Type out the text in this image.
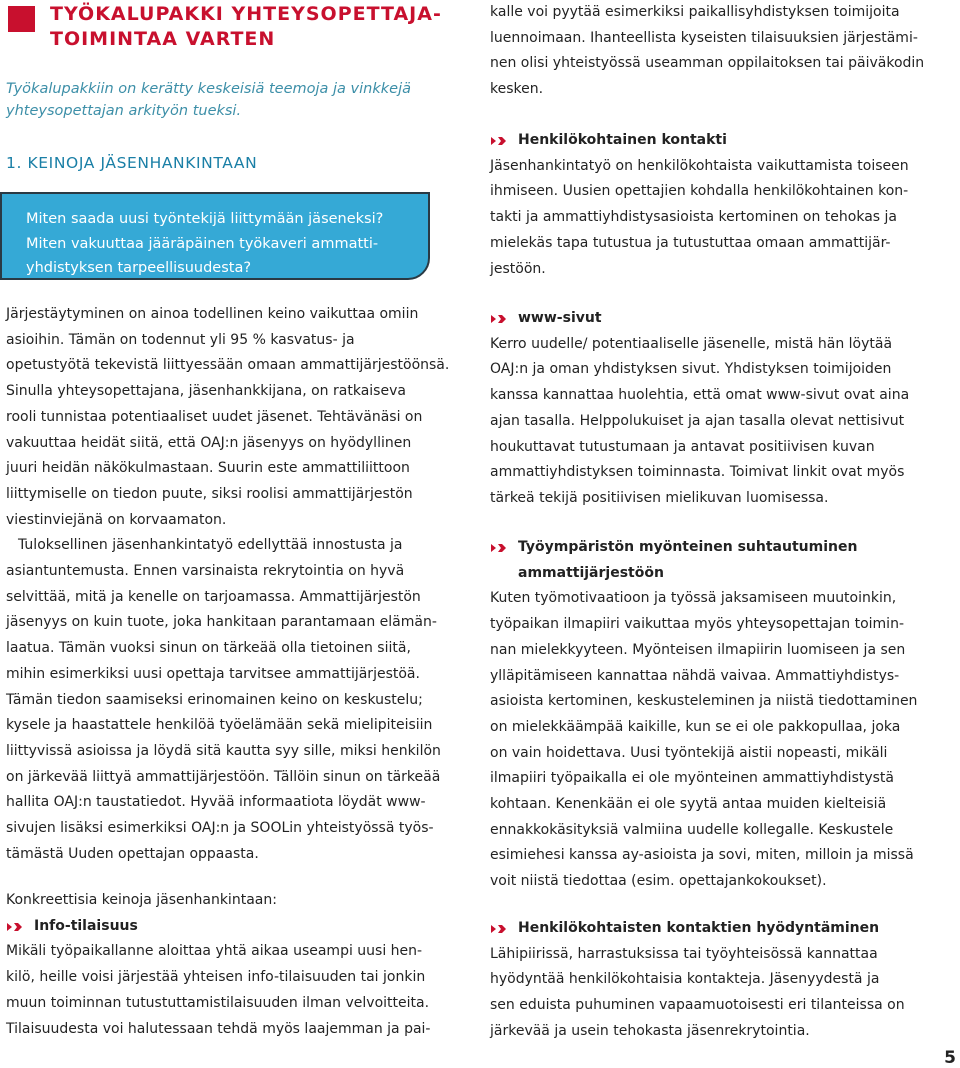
TYÖKALUPAKKI YHTEYSOPETTAJA-
TOIMINTAA VARTEN

Työkalupakkiin on kerätty keskeisiä teemoja ja vinkkejä
yhteysopettajan arkityön tueksi.

1. KEINOJA JÄSENHANKINTAAN

Miten saada uusi työntekijä liittymään jäseneksi?

Miten vakuuttaa jääräpäinen työkaveri ammatti-
yhdistyksen tarpeellisuudesta?

Järjestäytyminen on ainoa todellinen keino vaikuttaa omiin
asioihin. Tämän on todennut yli 95 % kasvatus- ja
opetustyötä tekevistä liittyessään omaan ammattijärjestöönsä.
Sinulla yhteysopettajana, jäsenhankkijana, on ratkaiseva
rooli tunnistaa potentiaaliset uudet jäsenet. Tehtävänäsi on
vakuuttaa heidät siitä, että OAJ:n jäsenyys on hyödyllinen
juuri heidän näkökulmastaan. Suurin este ammattiliittoon
liittymiselle on tiedon puute, siksi roolisi ammattijärjestön
viestinviejänä on korvaamaton.

Tuloksellinen jäsenhankintatyö edellyttää innostusta ja

asiantuntemusta. Ennen varsinaista rekrytointia on hyvä
selvittää, mitä ja kenelle on tarjoamassa. Ammattijärjestön
jäsenyys on kuin tuote, joka hankitaan parantamaan elämän-
laatua. Tämän vuoksi sinun on tärkeää olla tietoinen siitä,
mihin esimerkiksi uusi opettaja tarvitsee ammattijärjestöä.
Tämän tiedon saamiseksi erinomainen keino on keskustelu;
kysele ja haastattele henkilöä työelämään sekä mielipiteisiin
liittyvissä asioissa ja löydä sitä kautta syy sille, miksi henkilön
on järkevää liittyä ammattijärjestöön. Tällöin sinun on tärkeää
hallita OAJ:n taustatiedot. Hyvää informaatiota löydät www-
sivujen lisäksi esimerkiksi OAJ:n ja SOOLin yhteistyössä työs-
tämästä Uuden opettajan oppaasta.

Konkreettisia keinoja jäsenhankintaan:

Info-tilaisuus

Mikäli työpaikallanne aloittaa yhtä aikaa useampi uusi hen-
kilö, heille voisi järjestää yhteisen info-tilaisuuden tai jonkin
muun toiminnan tutustuttamistilaisuuden ilman velvoitteita.
Tilaisuudesta voi halutessaan tehdä myös laajemman ja pai-

kalle voi pyytää esimerkiksi paikallisyhdistyksen toimijoita
luennoimaan. Ihanteellista kyseisten tilaisuuksien järjestämi-
nen olisi yhteistyössä useamman oppilaitoksen tai päiväkodin
kesken.

Henkilökohtainen kontakti

Jäsenhankintatyö on henkilökohtaista vaikuttamista toiseen
ihmiseen. Uusien opettajien kohdalla henkilökohtainen kon-
takti ja ammattiyhdistysasioista kertominen on tehokas ja
mielekäs tapa tutustua ja tutustuttaa omaan ammattijär-
jestöön.

www-sivut

Kerro uudelle/ potentiaaliselle jäsenelle, mistä hän löytää
OAJ:n ja oman yhdistyksen sivut. Yhdistyksen toimijoiden
kanssa kannattaa huolehtia, että omat www-sivut ovat aina
ajan tasalla. Helppolukuiset ja ajan tasalla olevat nettisivut
houkuttavat tutustumaan ja antavat positiivisen kuvan
ammattiyhdistyksen toiminnasta. Toimivat linkit ovat myös
tärkeä tekijä positiivisen mielikuvan luomisessa.

Työympäristön myönteinen suhtautuminen
ammattijärjestöön

Kuten työmotivaatioon ja työssä jaksamiseen muutoinkin,
työpaikan ilmapiiri vaikuttaa myös yhteysopettajan toimin-
nan mielekkyyteen. Myönteisen ilmapiirin luomiseen ja sen
ylläpitämiseen kannattaa nähdä vaivaa. Ammattiyhdistys-
asioista kertominen, keskusteleminen ja niistä tiedottaminen
on mielekkäämpää kaikille, kun se ei ole pakkopullaa, joka
on vain hoidettava. Uusi työntekijä aistii nopeasti, mikäli
ilmapiiri työpaikalla ei ole myönteinen ammattiyhdistystä
kohtaan. Kenenkään ei ole syytä antaa muiden kielteisiä
ennakkokäsityksiä valmiina uudelle kollegalle. Keskustele
esimiehesi kanssa ay-asioista ja sovi, miten, milloin ja missä
voit niistä tiedottaa (esim. opettajankokoukset).

Henkilökohtaisten kontaktien hyödyntäminen

Lähipiirissä, harrastuksissa tai työyhteisössä kannattaa
hyödyntää henkilökohtaisia kontakteja. Jäsenyydestä ja
sen eduista puhuminen vapaamuotoisesti eri tilanteissa on
järkevää ja usein tehokasta jäsenrekrytointia.

5
